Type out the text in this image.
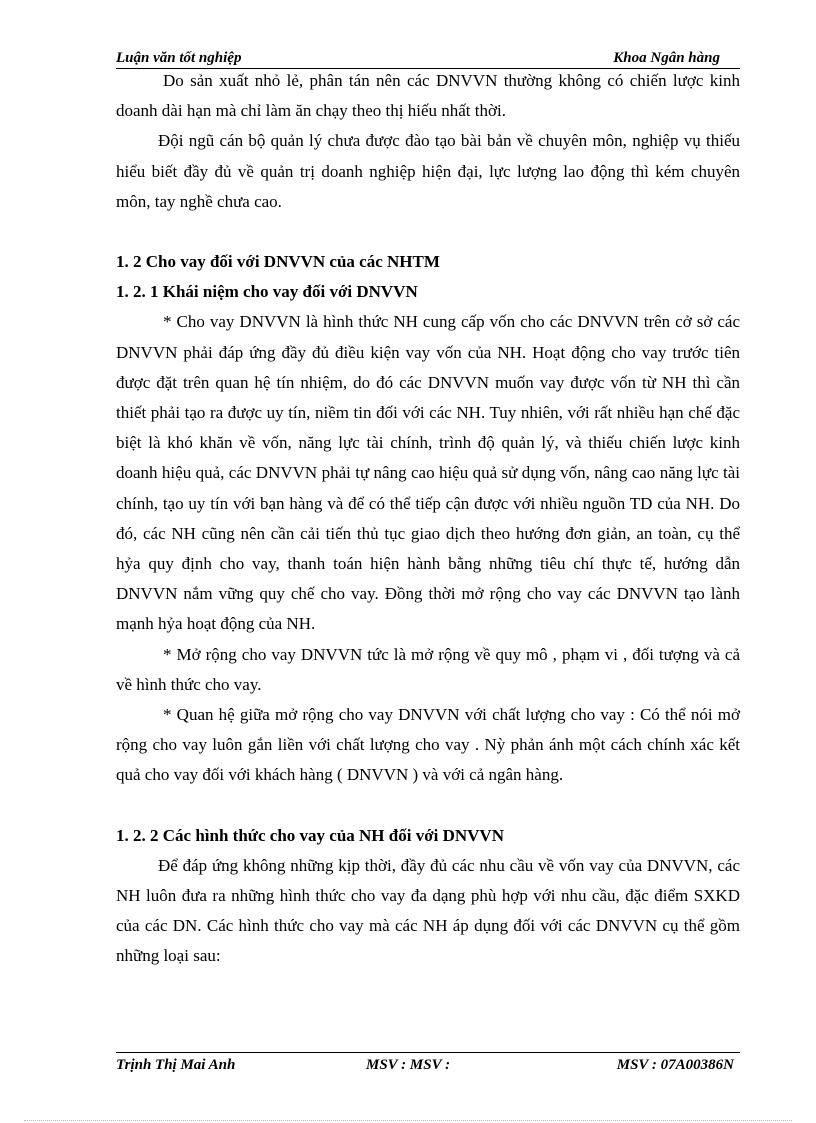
Luận văn tốt nghiệp	Khoa Ngân hàng

Do sản xuất nhỏ lẻ, phân tán nên các DNVVN thường không có chiến lược kinh doanh dài hạn mà chỉ làm ăn chạy theo thị hiếu nhất thời.

Đội ngũ cán bộ quản lý chưa được đào tạo bài bản về chuyên môn, nghiệp vụ thiếu hiểu biết đầy đủ về quản trị doanh nghiệp hiện đại, lực lượng lao động thì kém chuyên môn, tay nghề chưa cao.

1. 2 Cho vay đối với DNVVN của các NHTM

1. 2. 1 Khái niệm cho vay đối với DNVVN

* Cho vay DNVVN là hình thức NH cung cấp vốn cho các DNVVN trên cở sở các DNVVN phải đáp ứng đầy đủ điều kiện vay vốn của NH. Hoạt động cho vay trước tiên được đặt trên quan hệ tín nhiệm, do đó các DNVVN muốn vay được vốn từ NH thì cần thiết phải tạo ra được uy tín, niềm tin đối với các NH. Tuy nhiên, với rất nhiều hạn chế đặc biệt là khó khăn về vốn, năng lực tài chính, trình độ quản lý, và thiếu chiến lược kinh doanh hiệu quả, các DNVVN phải tự nâng cao hiệu quả sử dụng vốn, nâng cao năng lực tài chính, tạo uy tín với bạn hàng và để có thể tiếp cận được với nhiều nguồn TD của NH. Do đó, các NH cũng nên cần cải tiến thủ tục giao dịch theo hướng đơn giản, an toàn, cụ thể hỷa quy định cho vay, thanh toán hiện hành bằng những tiêu chí thực tế, hướng dẫn DNVVN nắm vững quy chế cho vay. Đồng thời mở rộng cho vay các DNVVN tạo lành mạnh hỷa hoạt động của NH.

* Mở rộng cho vay DNVVN tức là mở rộng về quy mô , phạm vi , đối tượng và cả về hình thức cho vay.

* Quan hệ giữa mở rộng cho vay DNVVN với chất lượng cho vay : Có thể nói mở rộng cho vay luôn gắn liền với chất lượng cho vay . Nỳ phản ánh một cách chính xác kết quả cho vay đối với khách hàng ( DNVVN ) và với cả ngân hàng.

1. 2. 2 Các hình thức cho vay của NH đối với DNVVN

Để đáp ứng không những kịp thời, đầy đủ các nhu cầu về vốn vay của DNVVN, các NH luôn đưa ra những hình thức cho vay đa dạng phù hợp với nhu cầu, đặc điểm SXKD của các DN. Các hình thức cho vay mà các NH áp dụng đối với các DNVVN cụ thể gồm những loại sau:

Trịnh Thị Mai Anh	MSV : MSV :	MSV : 07A00386N
